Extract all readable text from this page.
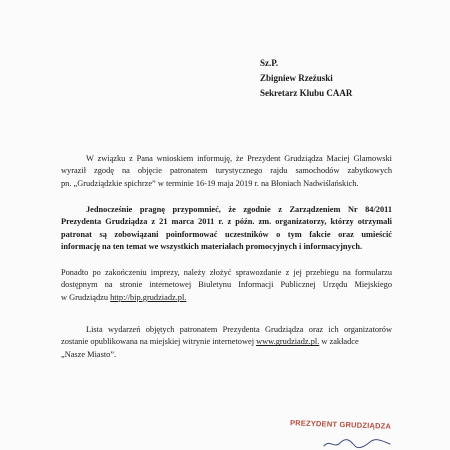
Sz.P.
Zbigniew Rzeźuski
Sekretarz Klubu CAAR
W związku z Pana wnioskiem informuję, że Prezydent Grudziądza Maciej Glamowski
wyraził zgodę na objęcie patronatem turystycznego rajdu samochodów zabytkowych
pn. „Grudziądzkie spichrze” w terminie 16-19 maja 2019 r. na Błoniach Nadwiślańskich.
Jednocześnie pragnę przypomnieć, że zgodnie z Zarządzeniem Nr 84/2011
Prezydenta Grudziądza z 21 marca 2011 r. z późn. zm. organizatorzy, którzy otrzymali
patronat są zobowiązani poinformować uczestników o tym fakcie oraz umieścić
informację na ten temat we wszystkich materiałach promocyjnych i informacyjnych.
Ponadto po zakończeniu imprezy, należy złożyć sprawozdanie z jej przebiegu na formularzu
dostępnym na stronie internetowej Biuletynu Informacji Publicznej Urzędu Miejskiego
w Grudziądzu http://bip.grudziadz.pl.
Lista wydarzeń objętych patronatem Prezydenta Grudziądza oraz ich organizatorów
zostanie opublikowana na miejskiej witrynie internetowej www.grudziadz.pl. w zakładce
„Nasze Miasto”.
PREZYDENT GRUDZIĄDZA
